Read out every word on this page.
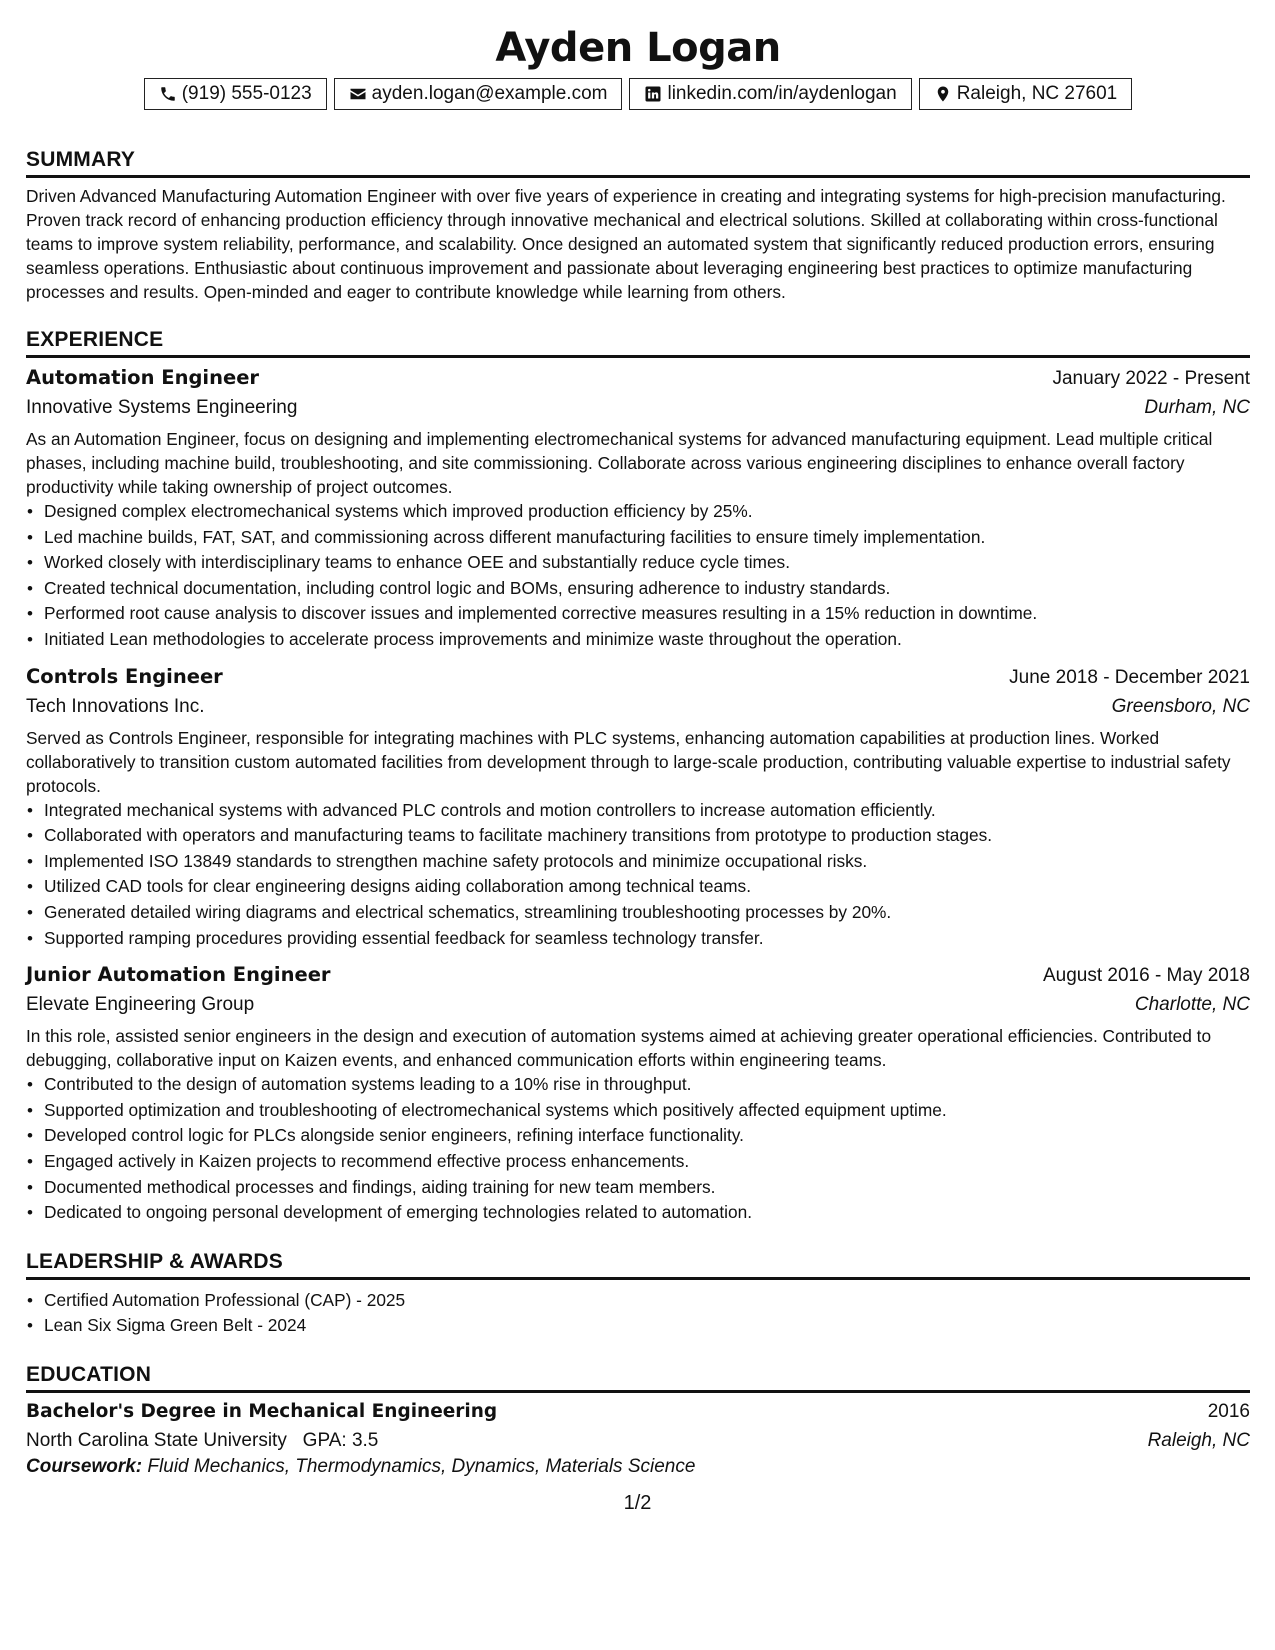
Ayden Logan
(919) 555-0123	ayden.logan@example.com	linkedin.com/in/aydenlogan	Raleigh, NC 27601
SUMMARY

Driven Advanced Manufacturing Automation Engineer with over five years of experience in creating and integrating systems for high-precision manufacturing. Proven track record of enhancing production efficiency through innovative mechanical and electrical solutions. Skilled at collaborating within cross-functional teams to improve system reliability, performance, and scalability. Once designed an automated system that significantly reduced production errors, ensuring seamless operations. Enthusiastic about continuous improvement and passionate about leveraging engineering best practices to optimize manufacturing processes and results. Open-minded and eager to contribute knowledge while learning from others.

EXPERIENCE
Automation Engineer	January 2022 - Present
Innovative Systems Engineering	Durham, NC

As an Automation Engineer, focus on designing and implementing electromechanical systems for advanced manufacturing equipment. Lead multiple critical phases, including machine build, troubleshooting, and site commissioning. Collaborate across various engineering disciplines to enhance overall factory productivity while taking ownership of project outcomes.

• Designed complex electromechanical systems which improved production efficiency by 25%.
• Led machine builds, FAT, SAT, and commissioning across different manufacturing facilities to ensure timely implementation.
• Worked closely with interdisciplinary teams to enhance OEE and substantially reduce cycle times.
• Created technical documentation, including control logic and BOMs, ensuring adherence to industry standards.
• Performed root cause analysis to discover issues and implemented corrective measures resulting in a 15% reduction in downtime.
• Initiated Lean methodologies to accelerate process improvements and minimize waste throughout the operation.
Controls Engineer	June 2018 - December 2021
Tech Innovations Inc.	Greensboro, NC

Served as Controls Engineer, responsible for integrating machines with PLC systems, enhancing automation capabilities at production lines. Worked collaboratively to transition custom automated facilities from development through to large-scale production, contributing valuable expertise to industrial safety protocols.

• Integrated mechanical systems with advanced PLC controls and motion controllers to increase automation efficiently.
• Collaborated with operators and manufacturing teams to facilitate machinery transitions from prototype to production stages.
• Implemented ISO 13849 standards to strengthen machine safety protocols and minimize occupational risks.
• Utilized CAD tools for clear engineering designs aiding collaboration among technical teams.
• Generated detailed wiring diagrams and electrical schematics, streamlining troubleshooting processes by 20%.
• Supported ramping procedures providing essential feedback for seamless technology transfer.
Junior Automation Engineer	August 2016 - May 2018
Elevate Engineering Group	Charlotte, NC

In this role, assisted senior engineers in the design and execution of automation systems aimed at achieving greater operational efficiencies. Contributed to debugging, collaborative input on Kaizen events, and enhanced communication efforts within engineering teams.

• Contributed to the design of automation systems leading to a 10% rise in throughput.
• Supported optimization and troubleshooting of electromechanical systems which positively affected equipment uptime.
• Developed control logic for PLCs alongside senior engineers, refining interface functionality.
• Engaged actively in Kaizen projects to recommend effective process enhancements.
• Documented methodical processes and findings, aiding training for new team members.
• Dedicated to ongoing personal development of emerging technologies related to automation.
LEADERSHIP & AWARDS
• Certified Automation Professional (CAP) - 2025
• Lean Six Sigma Green Belt - 2024
EDUCATION
Bachelor's Degree in Mechanical Engineering	2016
North Carolina State University GPA: 3.5	Raleigh, NC
Coursework: Fluid Mechanics, Thermodynamics, Dynamics, Materials Science
1/2
